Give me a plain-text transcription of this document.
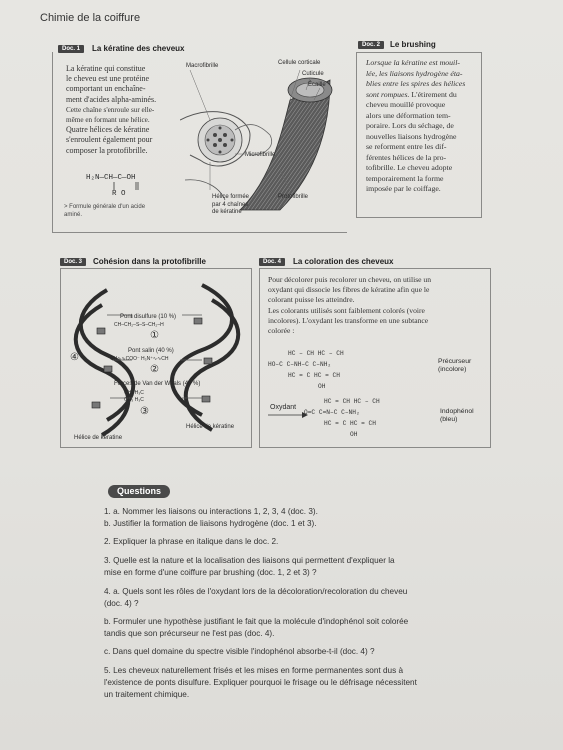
Chimie de la coiffure
Doc. 1	La kératine des cheveux
La kératine qui constitue
le cheveu est une protéine
comportant un enchaîne-
ment d'acides alpha-aminés.
Cette chaîne s'enroule sur elle-
même en formant une hélice.
Quatre hélices de kératine
s'enroulent également pour
composer la protofibrille.
H₂N—CH—C—OH
R O
> Formule générale d'un acide
aminé.
Macrofibrille	Cellule corticale
Cuticule
Écaille
Microfibrille
Hélice formée
par 4 chaînes
de kératine
Protofibrille
Doc. 2	Le brushing
Lorsque la kératine est mouil-
lée, les liaisons hydrogène éta-
blies entre les spires des hélices
sont rompues. L'étirement du
cheveu mouillé provoque
alors une déformation tem-
poraire. Lors du séchage, de
nouvelles liaisons hydrogène
se reforment entre les dif-
férentes hélices de la pro-
tofibrille. Le cheveu adopte
temporairement la forme
imposée par le coiffage.
Doc. 3	Cohésion dans la protofibrille
Pont disulfure (10 %)
CH–CH₂–S–S–CH₂–H
①
Pont salin (40 %)
CH∿∿COO⁻ H₃N⁺∿∿CH
④
②
Forces de Van der Waals (40 %)
CH₃ H₃C
CH₃ H₃C
③
Hélice de kératine
Hélice de kératine
Doc. 4	La coloration des cheveux
Pour décolorer puis recolorer un cheveu, on utilise un
oxydant qui dissocie les fibres de kératine afin que le
colorant puisse les atteindre.
Les colorants utilisés sont faiblement colorés (voire
incolores). L'oxydant les transforme en une subtance
colorée :
HC – CH HC – CH
HO–C C–NH–C C–NH₂
HC = C HC = CH
OH
Précurseur
(incolore)
Oxydant
HC = CH HC – CH
O=C C=N–C C–NH₂
HC = C HC = CH
OH
Indophénol
(bleu)
Questions
1. a. Nommer les liaisons ou interactions 1, 2, 3, 4 (doc. 3).
b. Justifier la formation de liaisons hydrogène (doc. 1 et 3).
2. Expliquer la phrase en italique dans le doc. 2.
3. Quelle est la nature et la localisation des liaisons qui permettent d'expliquer la
mise en forme d'une coiffure par brushing (doc. 1, 2 et 3) ?
4. a. Quels sont les rôles de l'oxydant lors de la décoloration/recoloration du cheveu
(doc. 4) ?
b. Formuler une hypothèse justifiant le fait que la molécule d'indophénol soit colorée
tandis que son précurseur ne l'est pas (doc. 4).
c. Dans quel domaine du spectre visible l'indophénol absorbe-t-il (doc. 4) ?
5. Les cheveux naturellement frisés et les mises en forme permanentes sont dus à
l'existence de ponts disulfure. Expliquer pourquoi le frisage ou le défrisage nécessitent
un traitement chimique.
